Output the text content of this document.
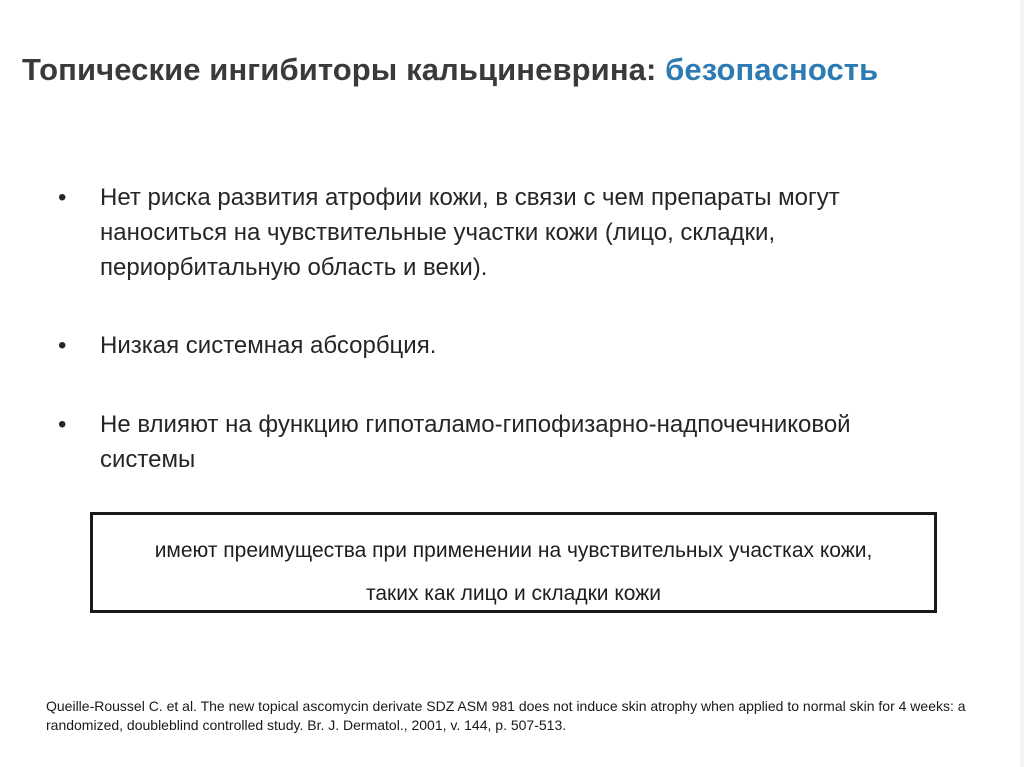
Топические ингибиторы кальциневрина: безопасность
• Нет риска развития атрофии кожи, в связи с чем препараты могут
наноситься на чувствительные участки кожи (лицо, складки,
периорбитальную область и веки).
• Низкая системная абсорбция.
• Не влияют на функцию гипоталамо-гипофизарно-надпочечниковой
системы
имеют преимущества при применении на чувствительных участках кожи,
таких как лицо и складки кожи
Queille-Roussel C. et al. The new topical ascomycin derivate SDZ ASM 981 does not induce skin atrophy when applied to normal skin for 4 weeks: a
randomized, doubleblind controlled study. Br. J. Dermatol., 2001, v. 144, p. 507-513.
